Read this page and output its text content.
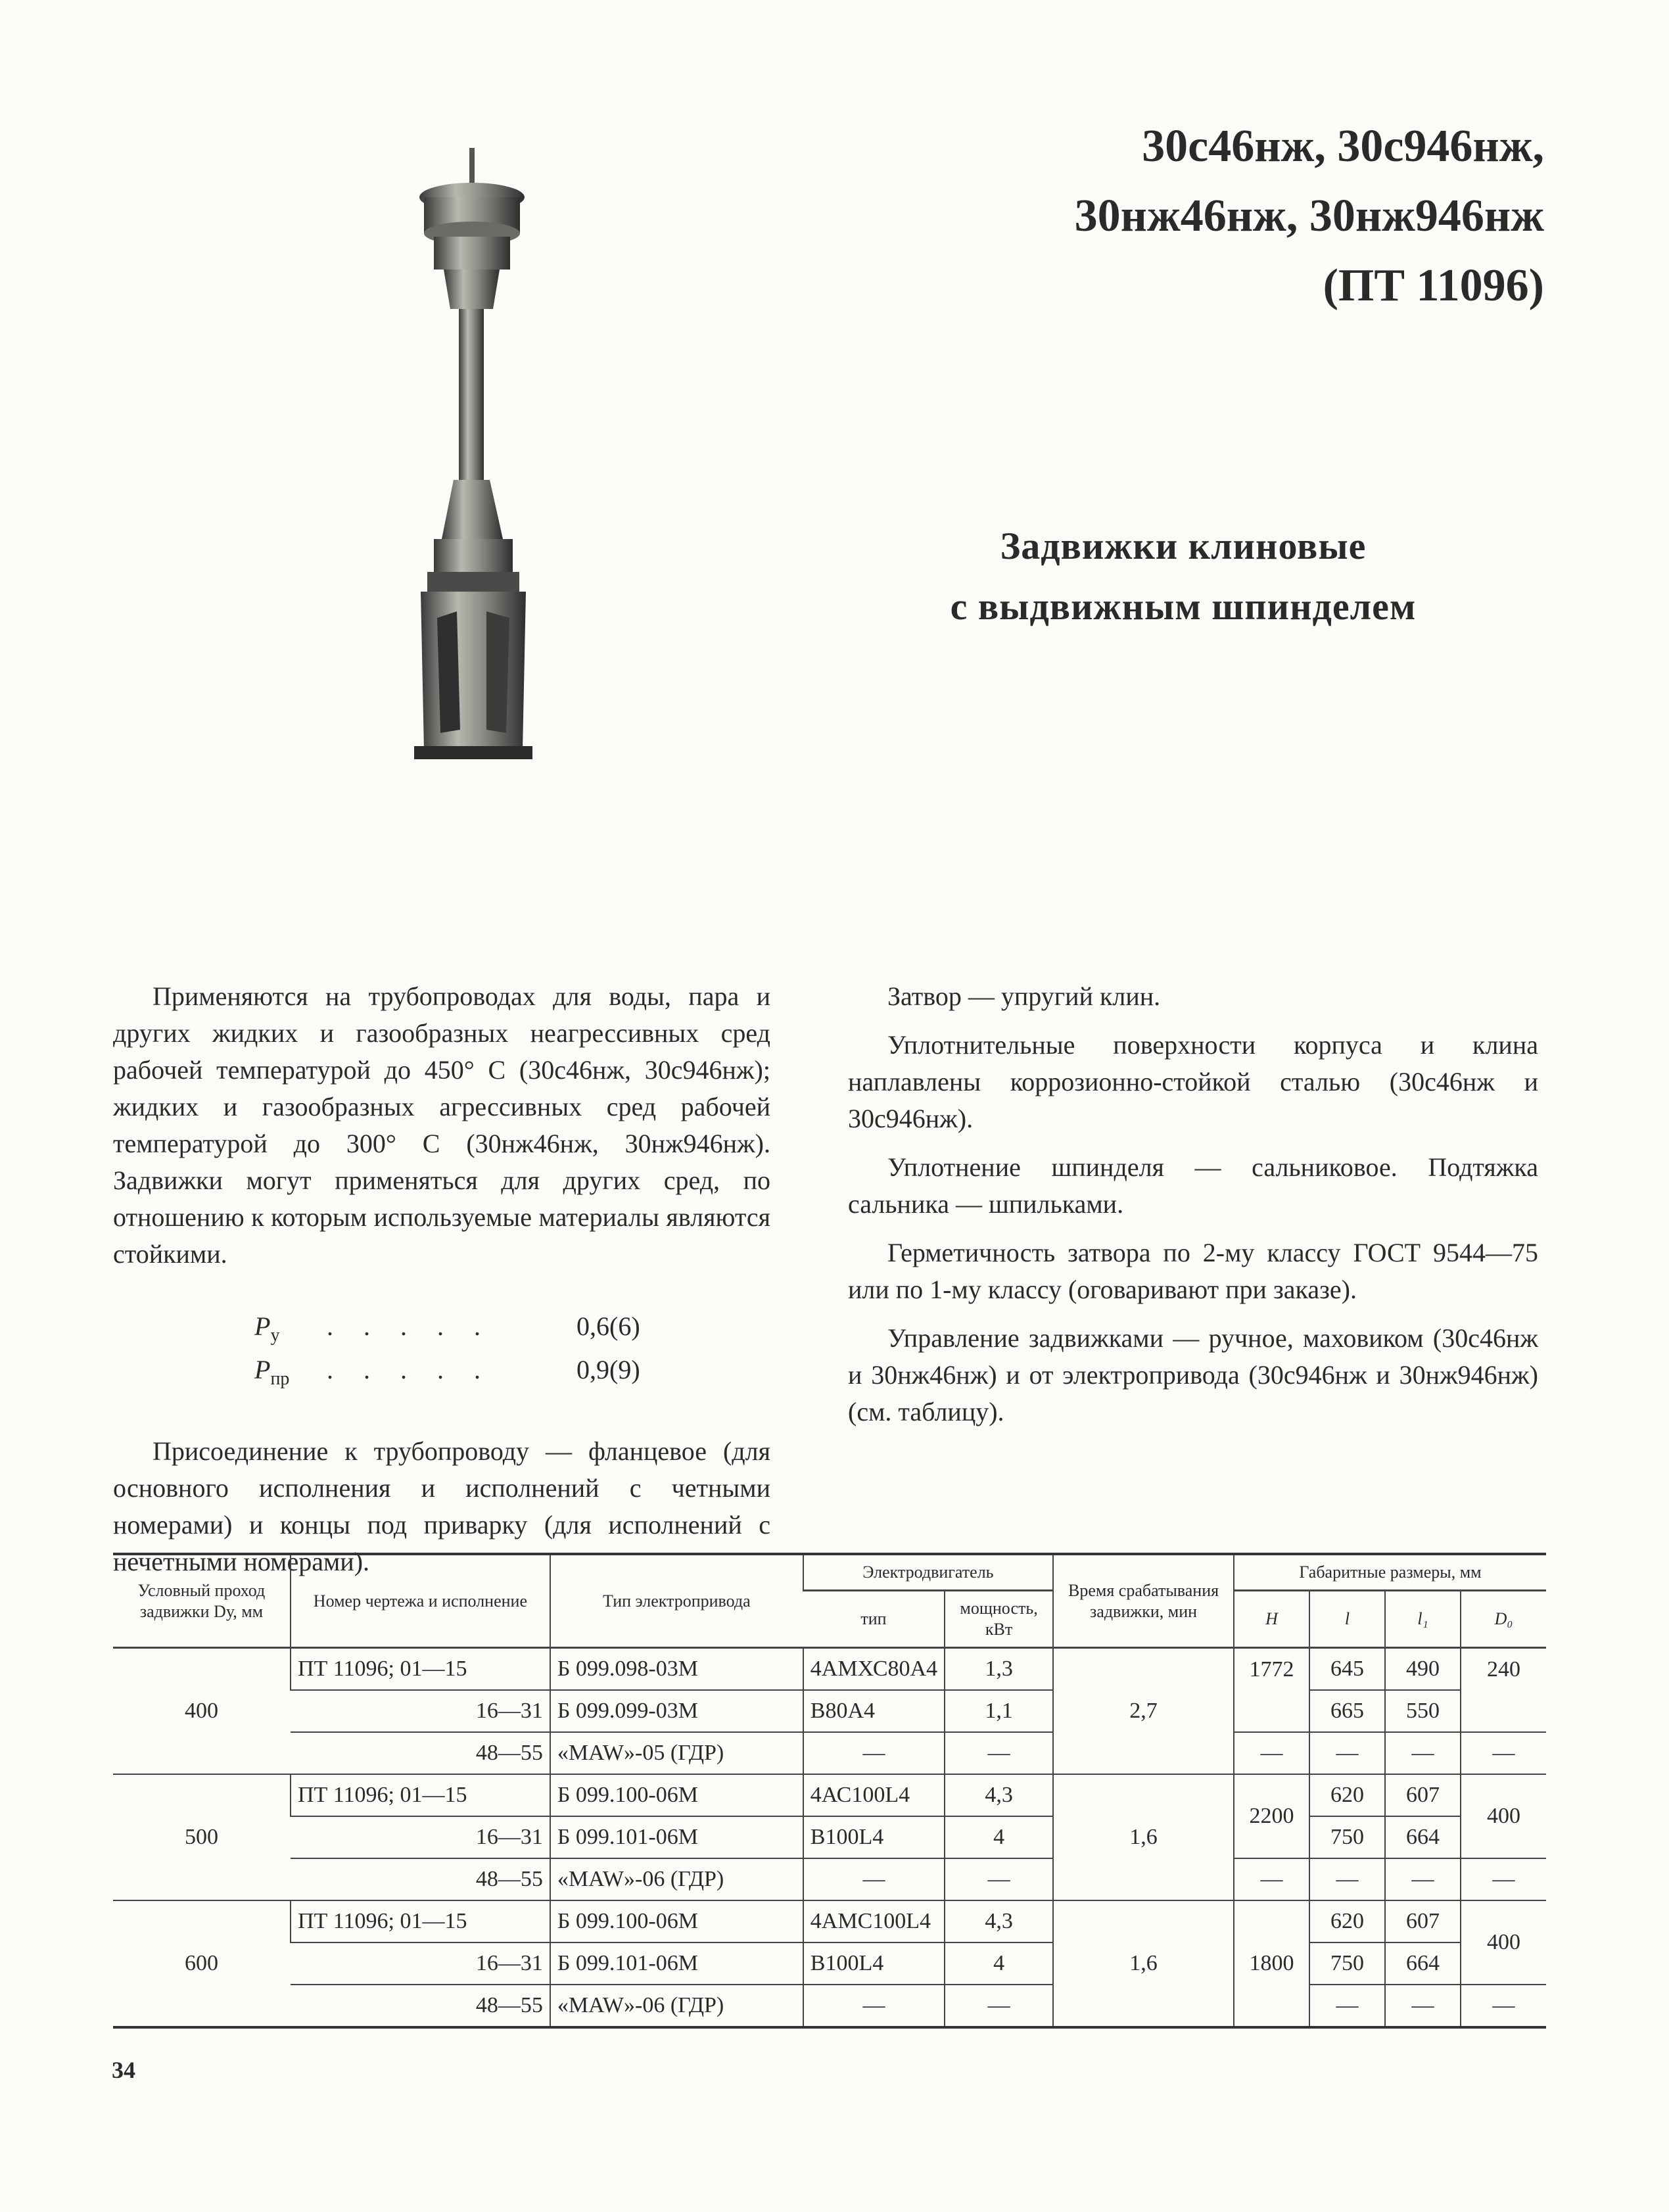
30с46нж, 30с946нж,
30нж46нж, 30нж946нж
(ПТ 11096)
Задвижки клиновые
с выдвижным шпинделем

Применяются на трубопроводах для воды, пара и других жидких и газообразных неагрессивных сред рабочей температурой до 450° С (30с46нж, 30с946нж); жидких и газообразных агрессивных сред рабочей температурой до 300° С (30нж46нж, 30нж946нж). Задвижки могут применяться для других сред, по отношению к которым используемые материалы являются стойкими.

$P_у$	. . . . .	0,6(6)
$P_{пр}$	. . . . .	0,9(9)

Присоединение к трубопроводу — фланцевое (для основного исполнения и исполнений с четными номерами) и концы под приварку (для исполнений с нечетными номерами).

Затвор — упругий клин.

Уплотнительные поверхности корпуса и клина наплавлены коррозионно-стойкой сталью (30с46нж и 30с946нж).

Уплотнение шпинделя — сальниковое. Подтяжка сальника — шпильками.

Герметичность затвора по 2-му классу ГОСТ 9544—75 или по 1-му классу (оговаривают при заказе).

Управление задвижками — ручное, маховиком (30с46нж и 30нж46нж) и от электропривода (30с946нж и 30нж946нж) (см. таблицу).

Условный проход задвижки Dу, мм	Номер чертежа и исполнение	Тип электропривода	Электродвигатель		Время срабатывания задвижки, мин	Габаритные размеры, мм			
			тип	мощность, кВт		H	l	l₁	D₀
400	ПТ 11096; 01—15	Б 099.098-03М	4АМХС80А4	1,3	2,7	1772	645	490	240
	16—31	Б 099.099-03М	В80А4	1,1			665	550	
	48—55	«MAW»-05 (ГДР)	—	—		—	—	—	—
500	ПТ 11096; 01—15	Б 099.100-06М	4АС100L4	4,3	1,6	2200	620	607	400
	16—31	Б 099.101-06М	В100L4	4			750	664	
	48—55	«MAW»-06 (ГДР)	—	—		—	—	—	—
600	ПТ 11096; 01—15	Б 099.100-06М	4АМС100L4	4,3	1,6	1800	620	607	400
	16—31	Б 099.101-06М	В100L4	4			750	664	
	48—55	«MAW»-06 (ГДР)	—	—			—	—	—
34
